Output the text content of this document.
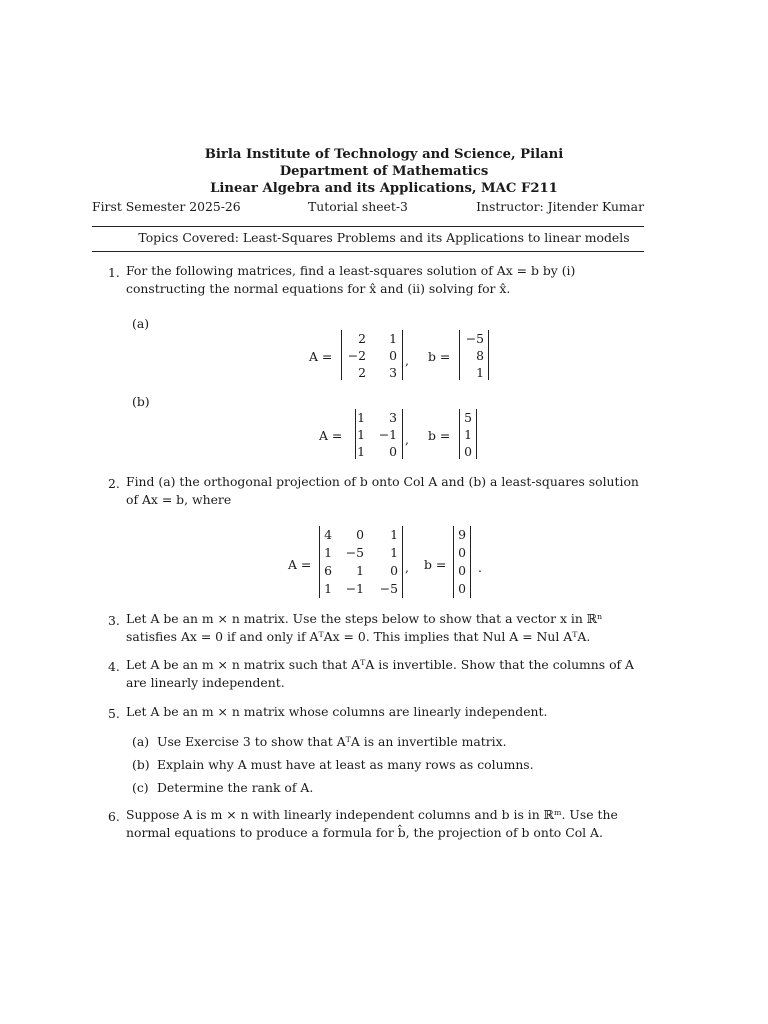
Birla Institute of Technology and Science, Pilani
Department of Mathematics
Linear Algebra and its Applications, MAC F211
First Semester 2025-26	Tutorial sheet-3	Instructor: Jitender Kumar
Topics Covered: Least-Squares Problems and its Applications to linear models
1. For the following matrices, find a least-squares solution of Ax = b by (i) constructing the normal equations for x̂ and (ii) solving for x̂.
(a)
A =	, b =
(b)
A =	, b =
2. Find (a) the orthogonal projection of b onto Col A and (b) a least-squares solution of Ax = b, where
A =	, b =	.
3. Let A be an m × n matrix. Use the steps below to show that a vector x in ℝⁿ satisfies Ax = 0 if and only if AᵀAx = 0. This implies that Nul A = Nul AᵀA.
4. Let A be an m × n matrix such that AᵀA is invertible. Show that the columns of A are linearly independent.
5. Let A be an m × n matrix whose columns are linearly independent.
(a) Use Exercise 3 to show that AᵀA is an invertible matrix.
(b) Explain why A must have at least as many rows as columns.
(c) Determine the rank of A.
6. Suppose A is m × n with linearly independent columns and b is in ℝᵐ. Use the normal equations to produce a formula for b̂, the projection of b onto Col A.
2	1
−2	0
2	3
−5
8
1
1	3
1	−1
1	0
5
1
0
4	0	1
1	−5	1
6	1	0
1	−1	−5
9
0
0
0
